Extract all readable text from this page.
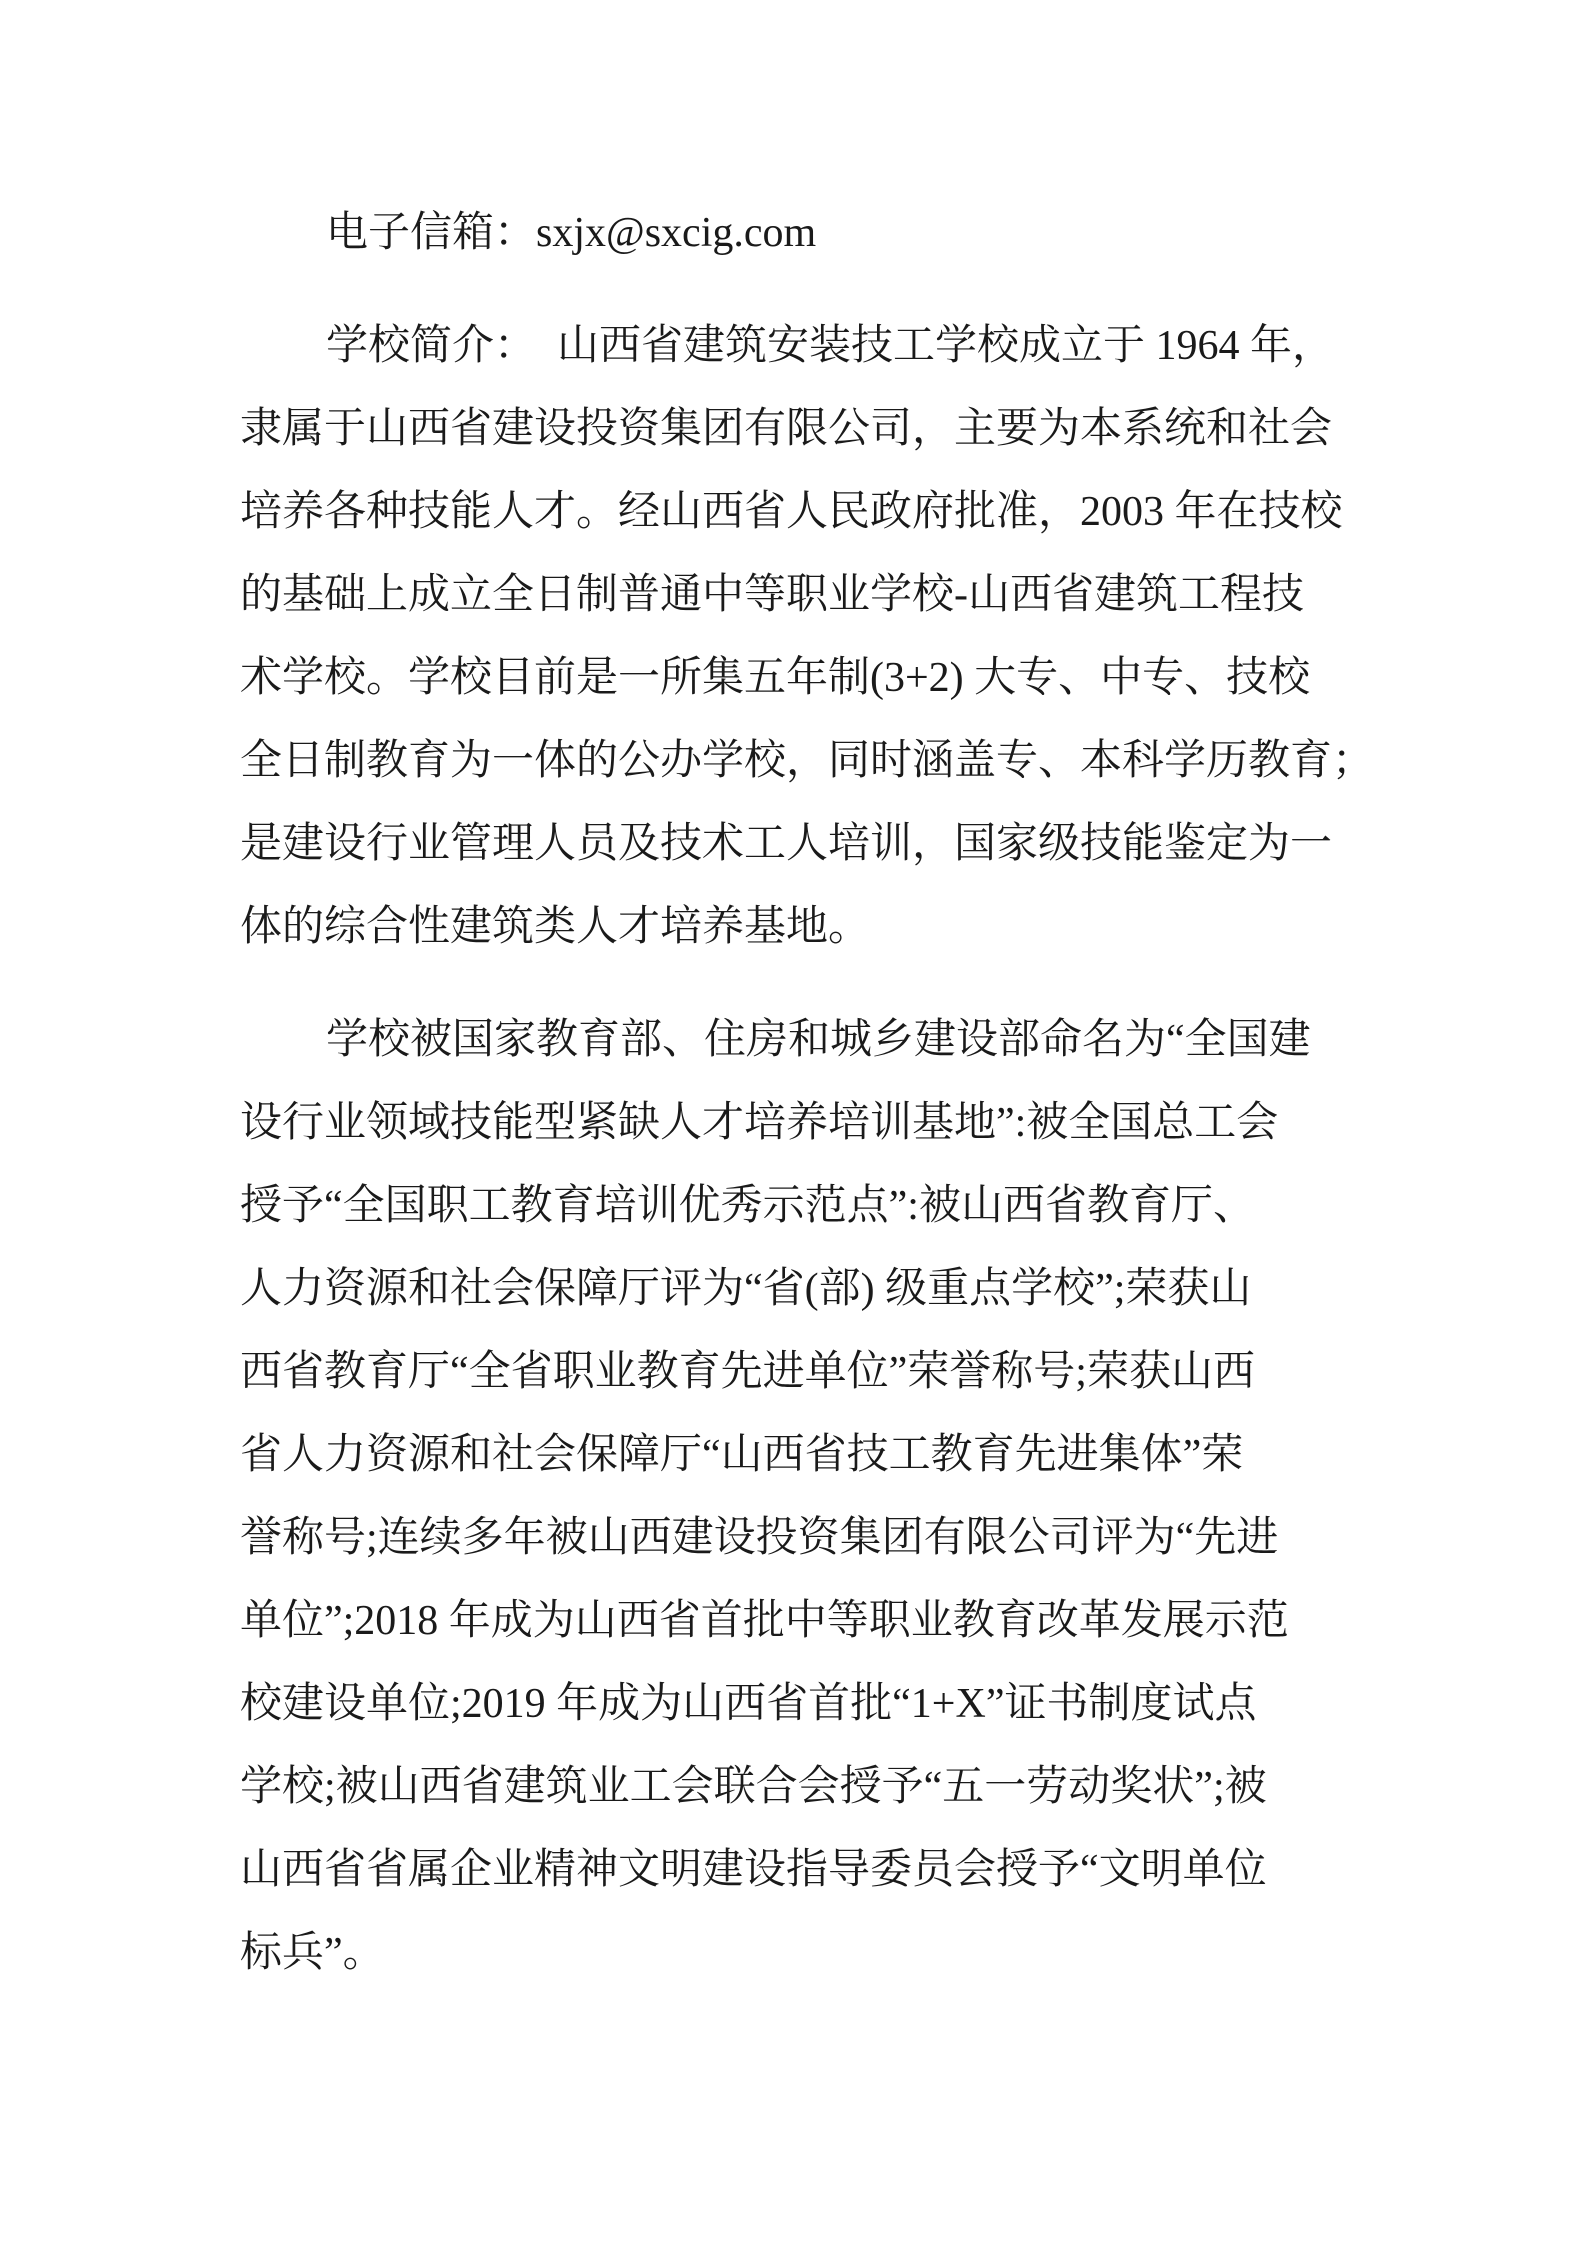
电子信箱：sxjx@sxcig.com

学校简介：　山西省建筑安装技工学校成立于 1964 年，

隶属于山西省建设投资集团有限公司，主要为本系统和社会

培养各种技能人才。经山西省人民政府批准，2003 年在技校

的基础上成立全日制普通中等职业学校-山西省建筑工程技

术学校。学校目前是一所集五年制(3+2) 大专、中专、技校

全日制教育为一体的公办学校，同时涵盖专、本科学历教育；

是建设行业管理人员及技术工人培训，国家级技能鉴定为一

体的综合性建筑类人才培养基地。

学校被国家教育部、住房和城乡建设部命名为“全国建

设行业领域技能型紧缺人才培养培训基地”:被全国总工会

授予“全国职工教育培训优秀示范点”:被山西省教育厅、

人力资源和社会保障厅评为“省(部) 级重点学校”;荣获山

西省教育厅“全省职业教育先进单位”荣誉称号;荣获山西

省人力资源和社会保障厅“山西省技工教育先进集体”荣

誉称号;连续多年被山西建设投资集团有限公司评为“先进

单位”;2018 年成为山西省首批中等职业教育改革发展示范

校建设单位;2019 年成为山西省首批“1+X”证书制度试点

学校;被山西省建筑业工会联合会授予“五一劳动奖状”;被

山西省省属企业精神文明建设指导委员会授予“文明单位

标兵”。
